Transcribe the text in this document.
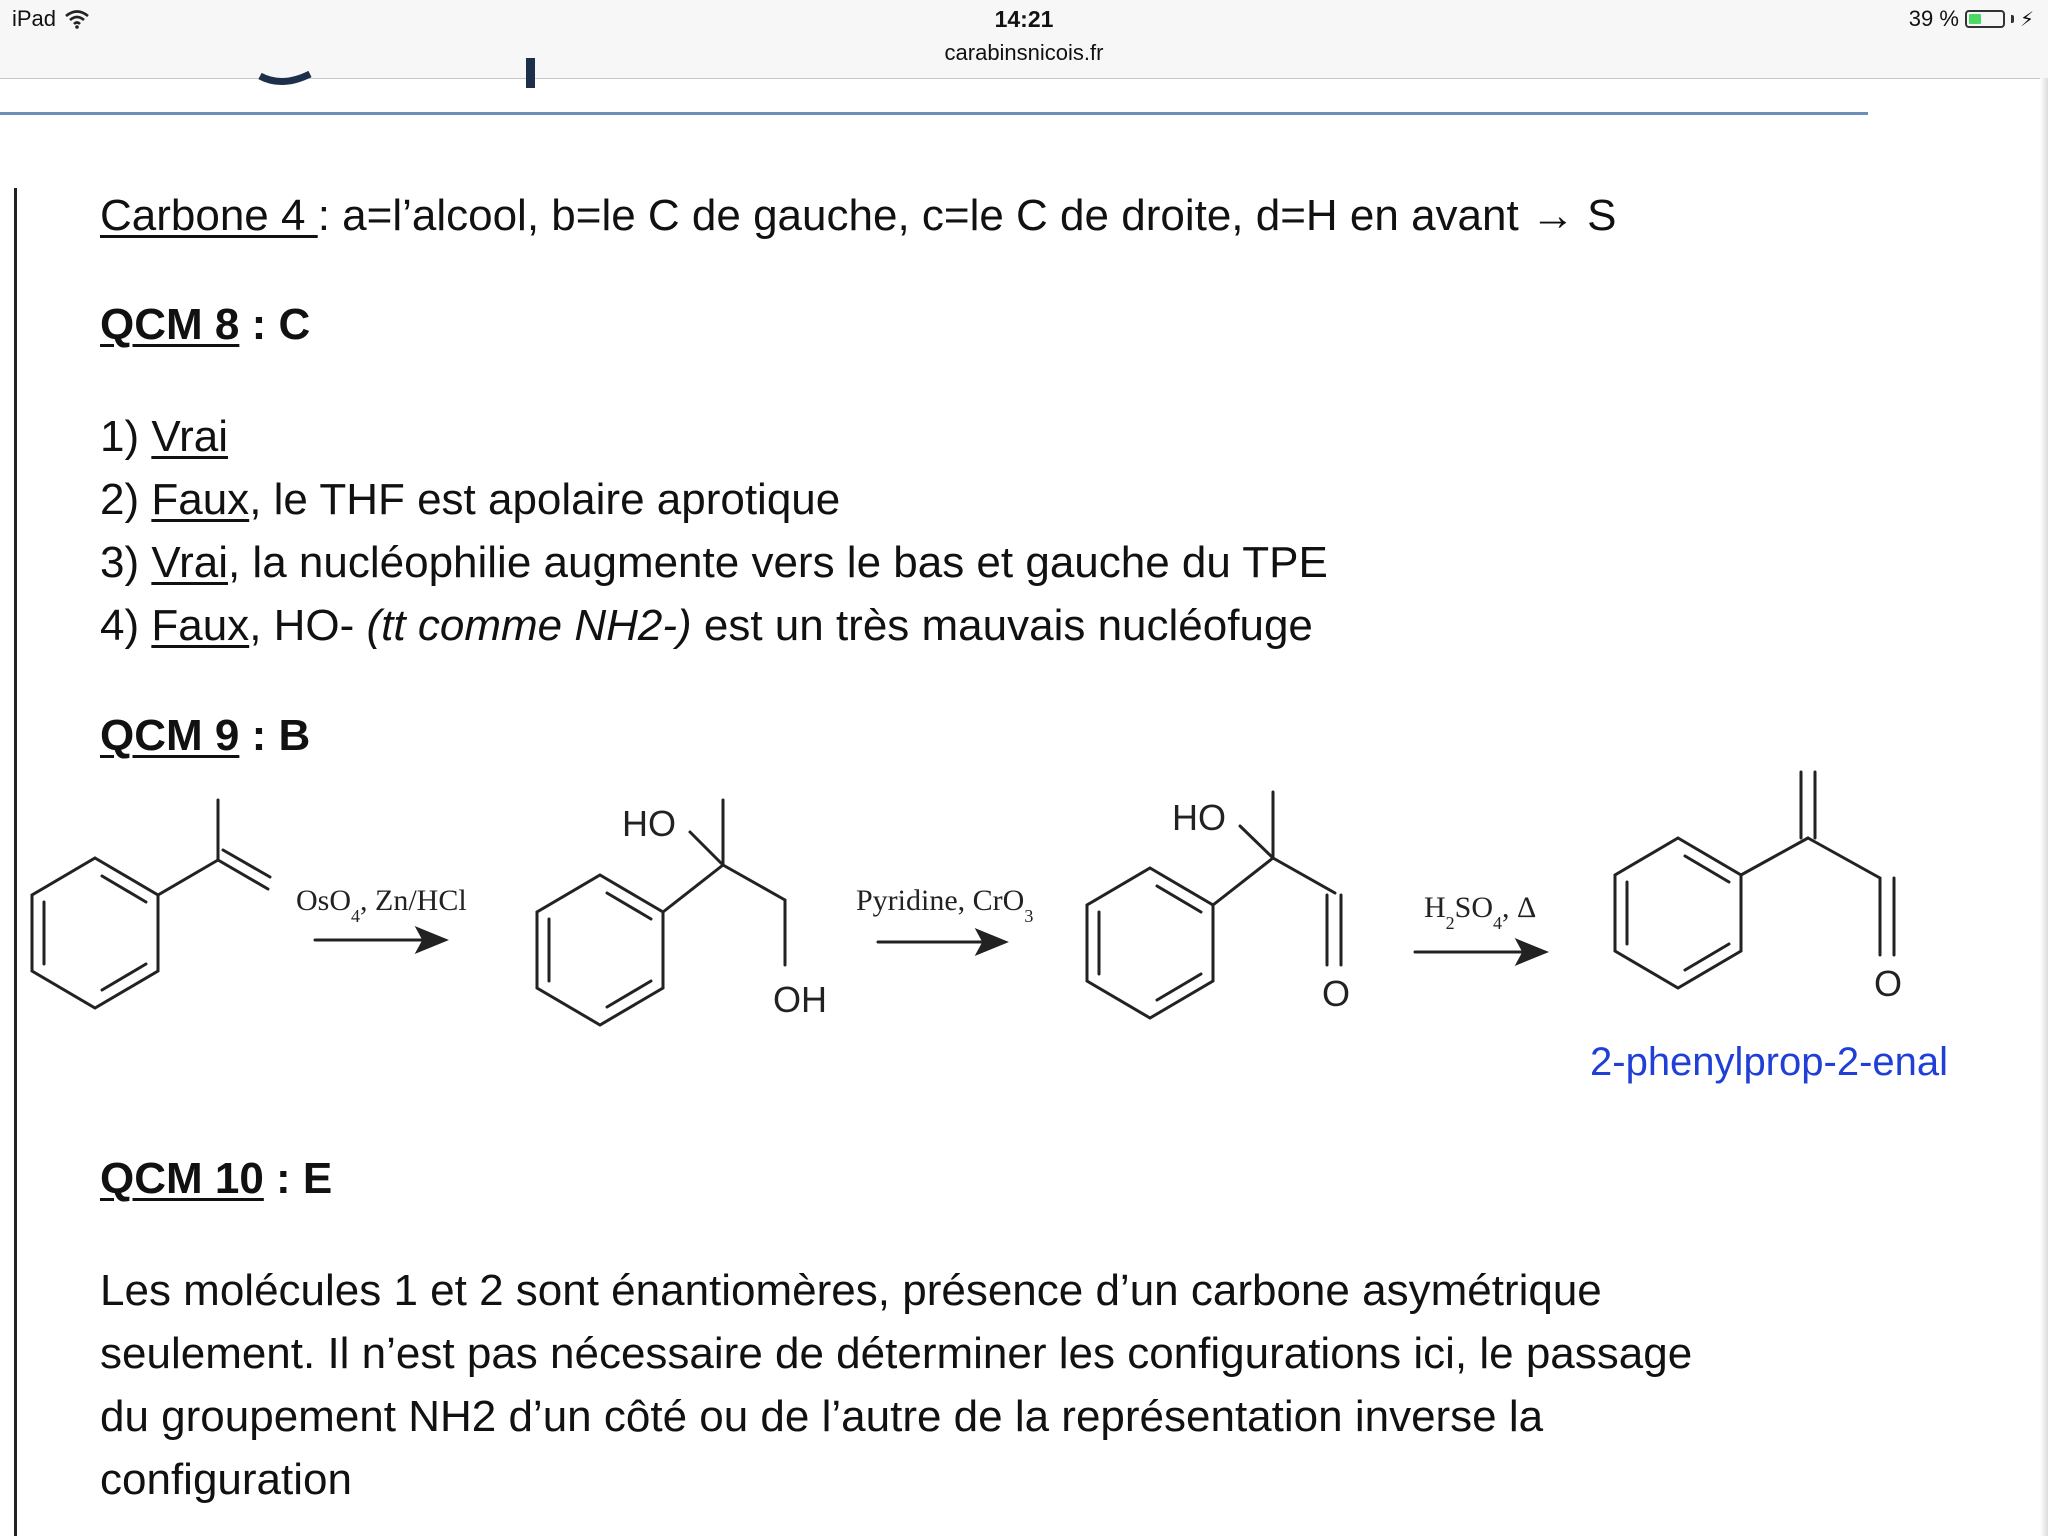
iPad	14:21
carabinsnicois.fr
39 %	⚡
Carbone 4 : a=l’alcool, b=le C de gauche, c=le C de droite, d=H en avant → S
QCM 8 : C
1) Vrai
2) Faux, le THF est apolaire aprotique
3) Vrai, la nucléophilie augmente vers le bas et gauche du TPE
4) Faux, HO- (tt comme NH2-) est un très mauvais nucléofuge
QCM 9 : B
QCM 10 : E
Les molécules 1 et 2 sont énantiomères, présence d’un carbone asymétrique
seulement. Il n’est pas nécessaire de déterminer les configurations ici, le passage
du groupement NH2 d’un côté ou de l’autre de la représentation inverse la
configuration
OsO$_4$, Zn/HCl	Pyridine, CrO$_3$	$H_2SO_4$, Δ
HO
OH
HO
O	O
2-phenylprop-2-enal
